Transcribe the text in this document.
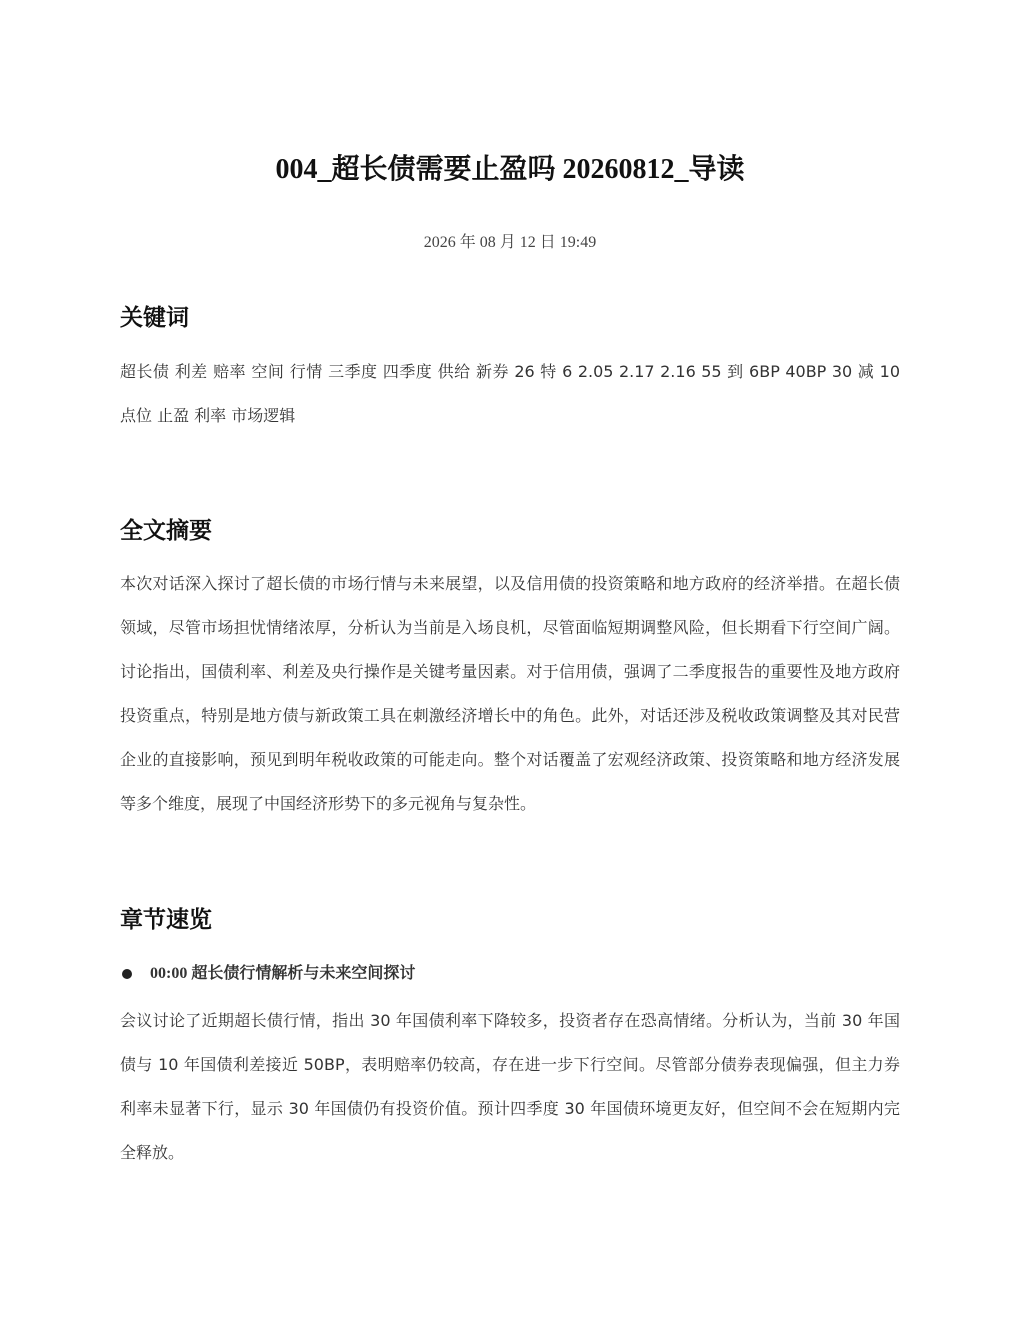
004_超长债需要止盈吗 20260812_导读
2026 年 08 月 12 日 19:49
关键词

超长债 利差 赔率 空间 行情 三季度 四季度 供给 新券 26 特 6 2.05 2.17 2.16 55 到 6BP 40BP 30 减 10 点位 止盈 利率 市场逻辑

全文摘要

本次对话深入探讨了超长债的市场行情与未来展望，以及信用债的投资策略和地方政府的经济举措。在超长债领域，尽管市场担忧情绪浓厚，分析认为当前是入场良机，尽管面临短期调整风险，但长期看下行空间广阔。讨论指出，国债利率、利差及央行操作是关键考量因素。对于信用债，强调了二季度报告的重要性及地方政府投资重点，特别是地方债与新政策工具在刺激经济增长中的角色。此外，对话还涉及税收政策调整及其对民营企业的直接影响，预见到明年税收政策的可能走向。整个对话覆盖了宏观经济政策、投资策略和地方经济发展等多个维度，展现了中国经济形势下的多元视角与复杂性。

章节速览
00:00 超长债行情解析与未来空间探讨

会议讨论了近期超长债行情，指出 30 年国债利率下降较多，投资者存在恐高情绪。分析认为，当前 30 年国债与 10 年国债利差接近 50BP，表明赔率仍较高，存在进一步下行空间。尽管部分债券表现偏强，但主力券利率未显著下行，显示 30 年国债仍有投资价值。预计四季度 30 年国债环境更友好，但空间不会在短期内完全释放。
